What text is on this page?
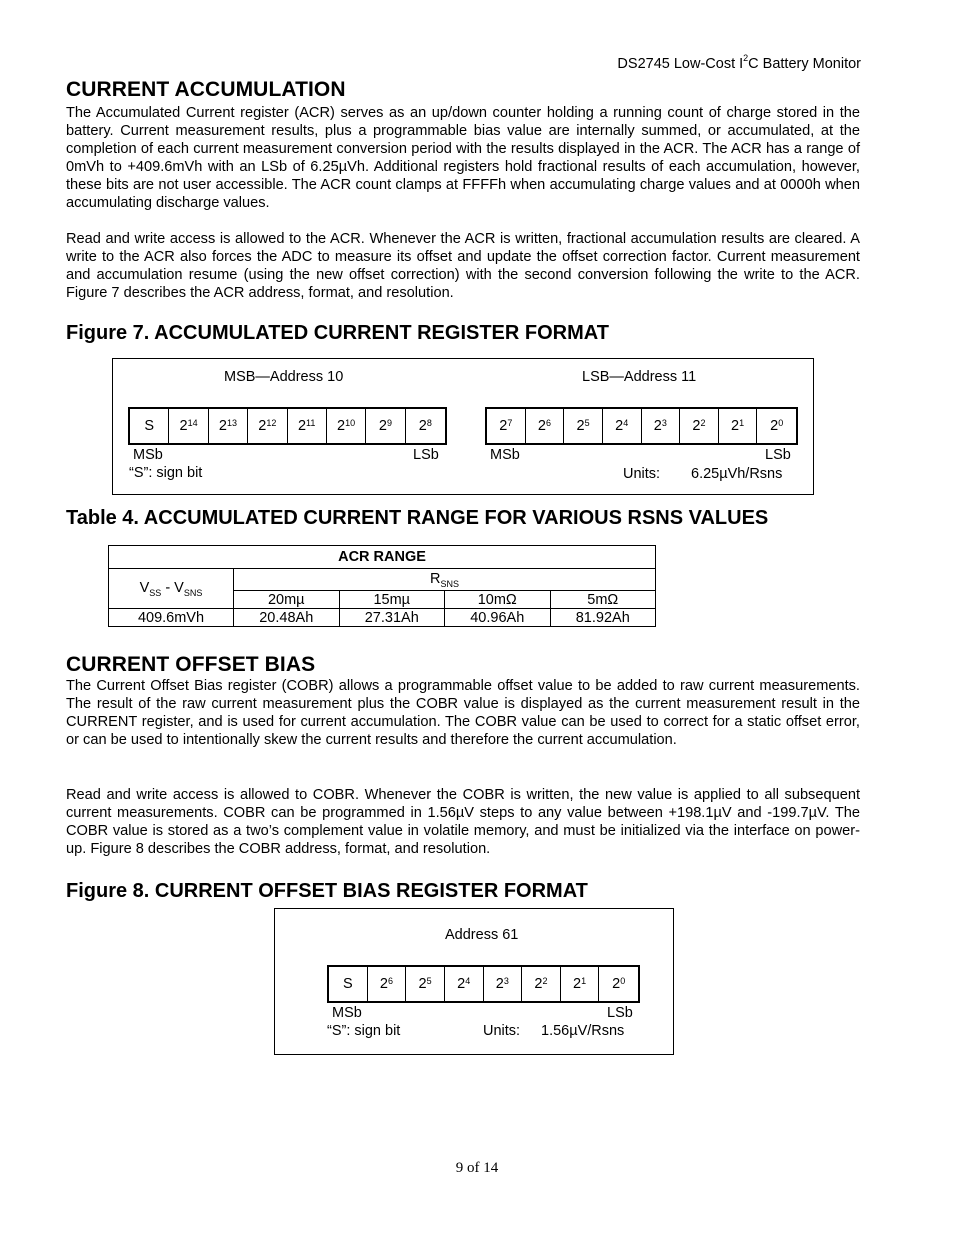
DS2745 Low-Cost $I^2C$ Battery Monitor
CURRENT ACCUMULATION
The Accumulated Current register (ACR) serves as an up/down counter holding a running count of charge stored in the battery. Current measurement results, plus a programmable bias value are internally summed, or accumulated, at the completion of each current measurement conversion period with the results displayed in the ACR. The ACR has a range of 0mVh to +409.6mVh with an LSb of 6.25µVh. Additional registers hold fractional results of each accumulation, however, these bits are not user accessible. The ACR count clamps at FFFFh when accumulating charge values and at 0000h when accumulating discharge values.
Read and write access is allowed to the ACR. Whenever the ACR is written, fractional accumulation results are cleared. A write to the ACR also forces the ADC to measure its offset and update the offset correction factor. Current measurement and accumulation resume (using the new offset correction) with the second conversion following the write to the ACR. Figure 7 describes the ACR address, format, and resolution.
Figure 7. ACCUMULATED CURRENT REGISTER FORMAT
MSB—Address 10	LSB—Address 11
S $2^{14}$ $2^{13}$ $2^{12}$ $2^{11}$ $2^{10}$ $2^9$ $2^8$	$2^7$ $2^6$ $2^5$ $2^4$ $2^3$ $2^2$ $2^1$ $2^0$
MSb	LSb	MSb	LSb
“S”: sign bit	Units: 6.25µVh/Rsns
Table 4. ACCUMULATED CURRENT RANGE FOR VARIOUS RSNS VALUES
ACR RANGE				
$V_{SS} - V_{SNS}$	$R_{SNS}$
	20mµ	15mµ	10mΩ	5mΩ
409.6mVh	20.48Ah	27.31Ah	40.96Ah	81.92Ah
CURRENT OFFSET BIAS
The Current Offset Bias register (COBR) allows a programmable offset value to be added to raw current measurements. The result of the raw current measurement plus the COBR value is displayed as the current measurement result in the CURRENT register, and is used for current accumulation. The COBR value can be used to correct for a static offset error, or can be used to intentionally skew the current results and therefore the current accumulation.
Read and write access is allowed to COBR. Whenever the COBR is written, the new value is applied to all subsequent current measurements. COBR can be programmed in 1.56µV steps to any value between +198.1µV and -199.7µV. The COBR value is stored as a two’s complement value in volatile memory, and must be initialized via the interface on power-up. Figure 8 describes the COBR address, format, and resolution.
Figure 8. CURRENT OFFSET BIAS REGISTER FORMAT
Address 61
S $2^6$ $2^5$ $2^4$ $2^3$ $2^2$ $2^1$ $2^0$
MSb	LSb
“S”: sign bit	Units: 1.56µV/Rsns
9 of 14
